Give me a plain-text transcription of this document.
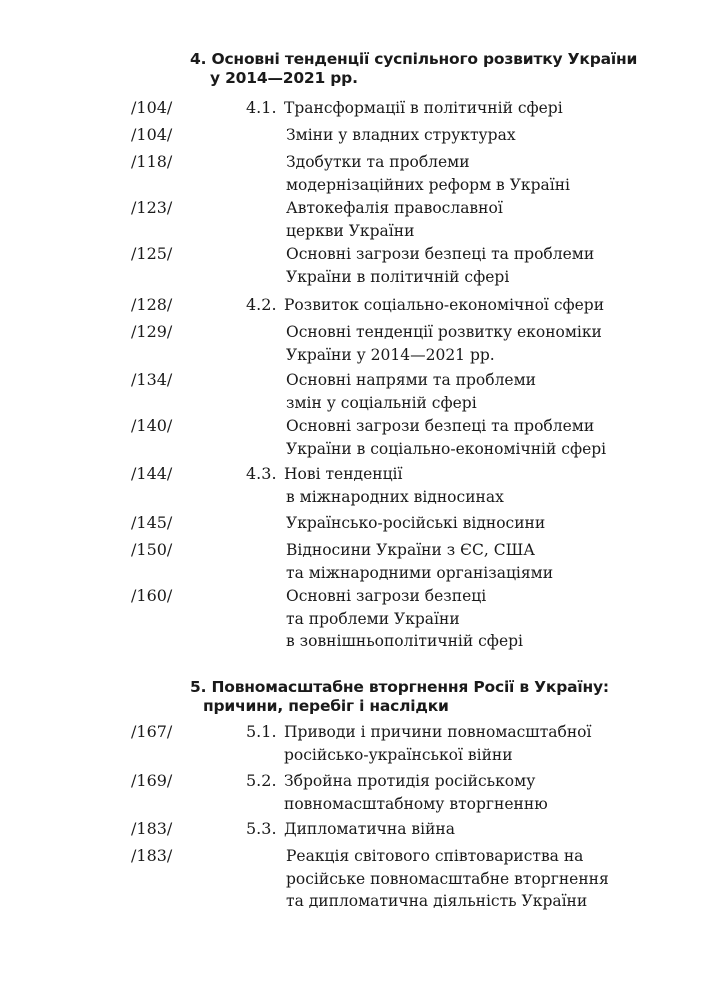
4. Основні тенденції суспільного розвитку України
у 2014—2021 рр.
/104/	4.1. Трансформації в політичній сфері
/104/	Зміни у владних структурах
/118/	Здобутки та проблеми
модернізаційних реформ в Україні
/123/	Автокефалія православної
церкви України
/125/	Основні загрози безпеці та проблеми
України в політичній сфері
/128/	4.2. Розвиток соціально-економічної сфери
/129/	Основні тенденції розвитку економіки
України у 2014—2021 рр.
/134/	Основні напрями та проблеми
змін у соціальній сфері
/140/	Основні загрози безпеці та проблеми
України в соціально-економічній сфері
/144/	4.3. Нові тенденції
в міжнародних відносинах
/145/	Українсько-російські відносини
/150/	Відносини України з ЄС, США
та міжнародними організаціями
/160/	Основні загрози безпеці
та проблеми України
в зовнішньополітичній сфері
5. Повномасштабне вторгнення Росії в Україну:
причини, перебіг і наслідки
/167/	5.1. Приводи і причини повномасштабної
російсько-української війни
/169/	5.2. Збройна протидія російському
повномасштабному вторгненню
/183/	5.3. Дипломатична війна
/183/	Реакція світового співтовариства на
російське повномасштабне вторгнення
та дипломатична діяльність України
